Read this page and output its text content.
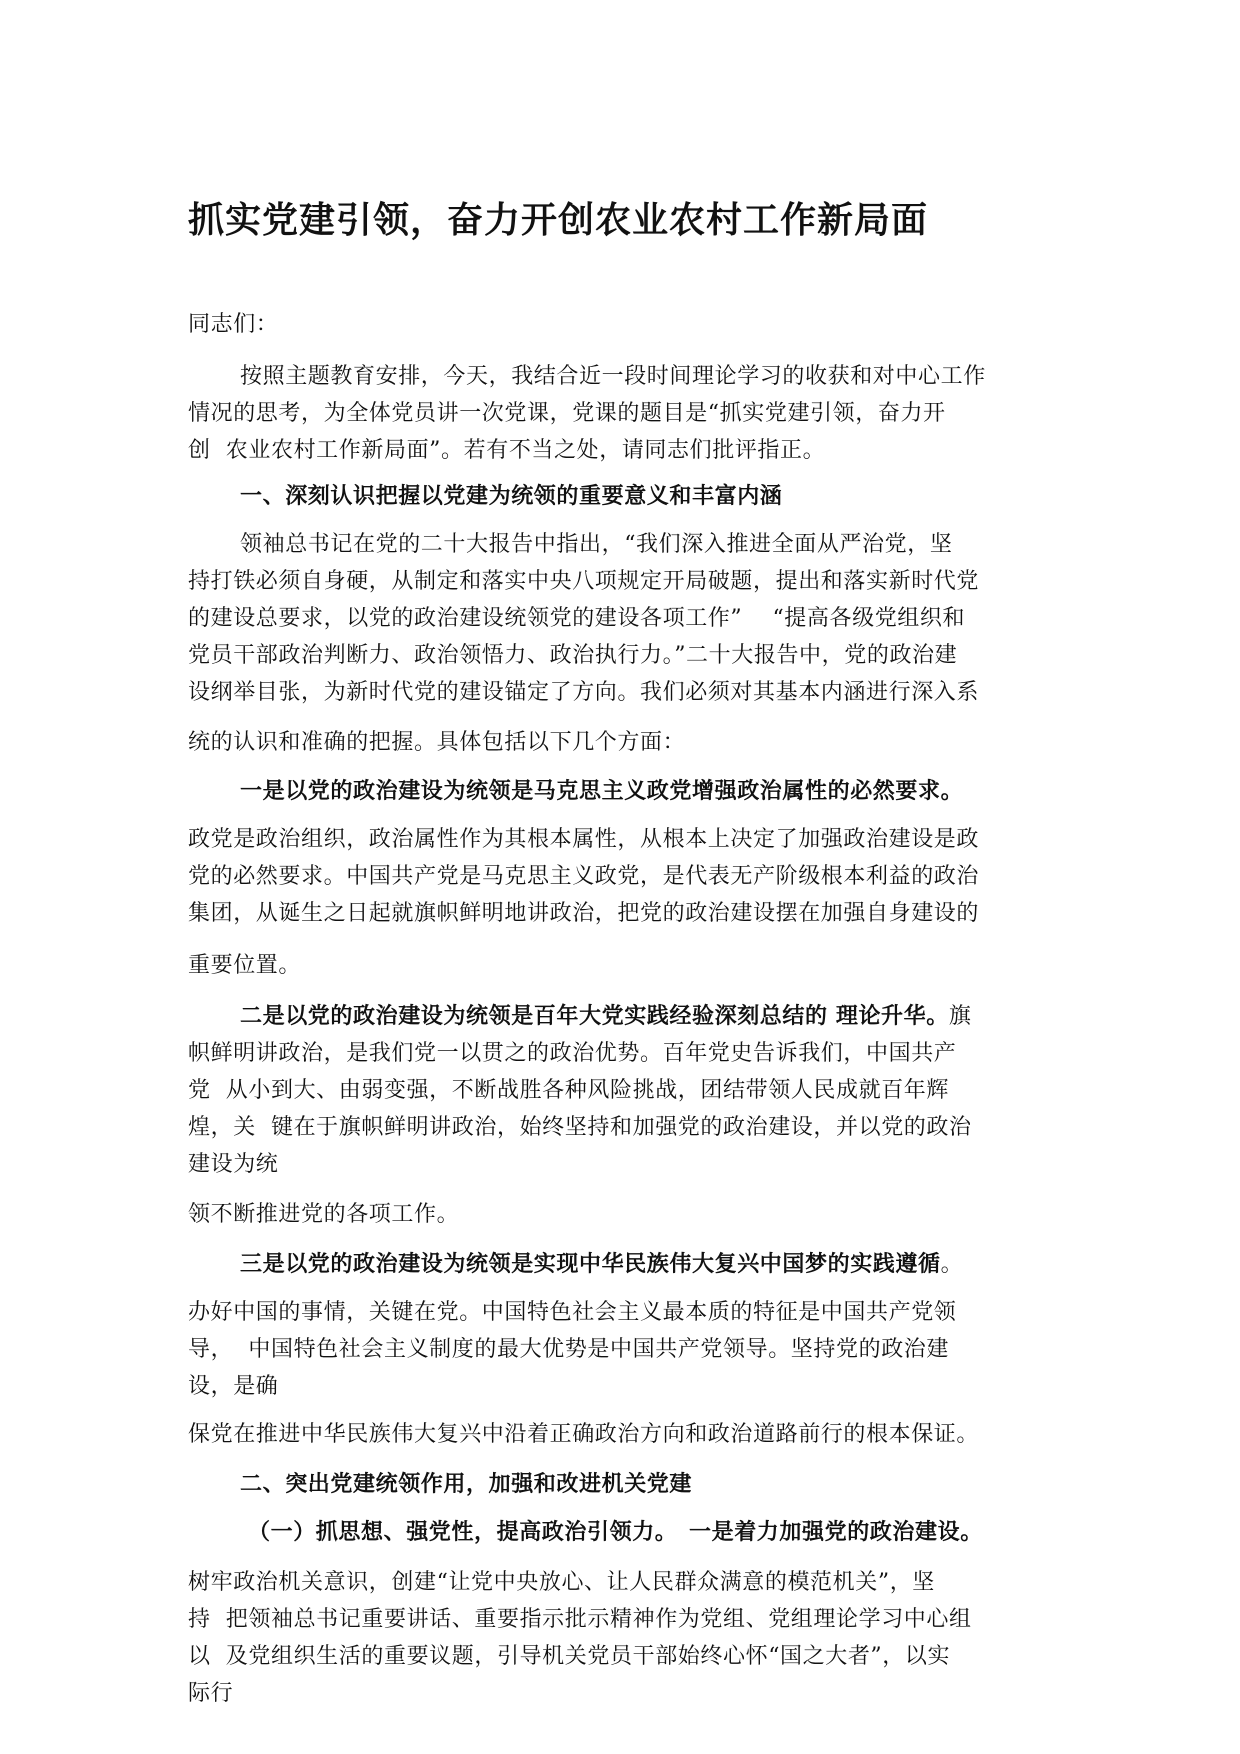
抓实党建引领，奋力开创农业农村工作新局面
同志们：
按照主题教育安排，今天，我结合近一段时间理论学习的收获和对中心工作
情况的思考，为全体党员讲一次党课，党课的题目是“抓实党建引领，奋力开
创  农业农村工作新局面”。若有不当之处，请同志们批评指正。
一、深刻认识把握以党建为统领的重要意义和丰富内涵
领袖总书记在党的二十大报告中指出，“我们深入推进全面从严治党，坚
持打铁必须自身硬，从制定和落实中央八项规定开局破题，提出和落实新时代党
的建设总要求，以党的政治建设统领党的建设各项工作”　 “提高各级党组织和
党员干部政治判断力、政治领悟力、政治执行力。”二十大报告中，党的政治建
设纲举目张，为新时代党的建设锚定了方向。我们必须对其基本内涵进行深入系
统的认识和准确的把握。具体包括以下几个方面：
一是以党的政治建设为统领是马克思主义政党增强政治属性的必然要求。
政党是政治组织，政治属性作为其根本属性，从根本上决定了加强政治建设是政
党的必然要求。中国共产党是马克思主义政党，是代表无产阶级根本利益的政治
集团，从诞生之日起就旗帜鲜明地讲政治，把党的政治建设摆在加强自身建设的
重要位置。
二是以党的政治建设为统领是百年大党实践经验深刻总结的 理论升华。旗
帜鲜明讲政治，是我们党一以贯之的政治优势。百年党史告诉我们，中国共产
党  从小到大、由弱变强，不断战胜各种风险挑战，团结带领人民成就百年辉
煌，关  键在于旗帜鲜明讲政治，始终坚持和加强党的政治建设，并以党的政治
建设为统
领不断推进党的各项工作。
三是以党的政治建设为统领是实现中华民族伟大复兴中国梦的实践遵循。
办好中国的事情，关键在党。中国特色社会主义最本质的特征是中国共产党领
导，  中国特色社会主义制度的最大优势是中国共产党领导。坚持党的政治建
设，是确
保党在推进中华民族伟大复兴中沿着正确政治方向和政治道路前行的根本保证。
二、突出党建统领作用，加强和改进机关党建
（一）抓思想、强党性，提高政治引领力。　一是着力加强党的政治建设。
树牢政治机关意识，创建“让党中央放心、让人民群众满意的模范机关”，坚
持  把领袖总书记重要讲话、重要指示批示精神作为党组、党组理论学习中心组
以  及党组织生活的重要议题，引导机关党员干部始终心怀“国之大者”，以实
际行
